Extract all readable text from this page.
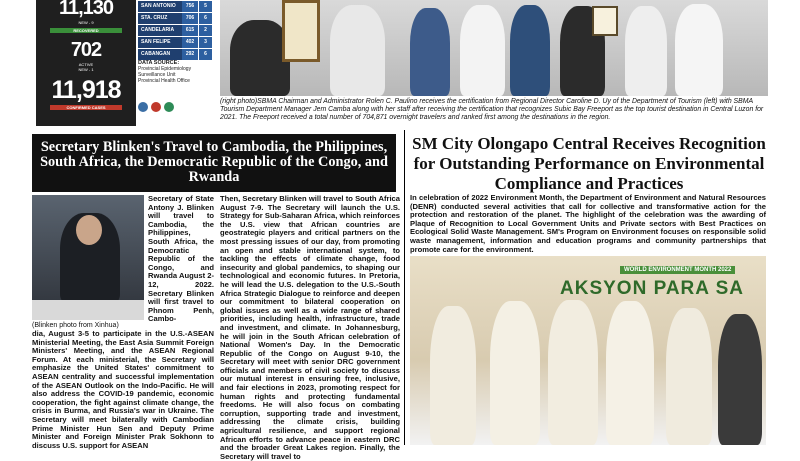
11,130
NEW - 9
RECOVERED
702
ACTIVE
NEW - 1
11,918
CONFIRMED CASES
SAN ANTONIO	756	5
STA. CRUZ	706	6
CANDELARIA	615	2
SAN FELIPE	402	3
CABANGAN	292	6
DATA SOURCE:
Provincial Epidemiology Surveillance Unit
Provincial Health Office
(right photo)SBMA Chairman and Administrator Rolen C. Paulino receives the certification from Regional Director Caroline D. Uy of the Department of Tourism (left) with SBMA Tourism Department Manager Jem Camba along with her staff after receiving the certification that recognizes Subic Bay Freeport as the top tourist destination in Central Luzon for 2021. The Freeport received a total number of 704,871 overnight travelers and ranked first among the destinations in the region.
Secretary Blinken's Travel to Cambodia, the Philippines, South Africa, the Democratic Republic of the Congo, and Rwanda
(Blinken photo from Xinhua)
Secretary of State Antony J. Blinken will travel to Cambodia, the Philippines, South Africa, the Democratic Republic of the Congo, and Rwanda August 2-12, 2022. Secretary Blinken will first travel to Phnom Penh, Cambo-
dia, August 3-5 to participate in the U.S.-ASEAN Ministerial Meeting, the East Asia Summit Foreign Ministers' Meeting, and the ASEAN Regional Forum. At each ministerial, the Secretary will emphasize the United States' commitment to ASEAN centrality and successful implementation of the ASEAN Outlook on the Indo-Pacific. He will also address the COVID-19 pandemic, economic cooperation, the fight against climate change, the crisis in Burma, and Russia's war in Ukraine. The Secretary will meet bilaterally with Cambodian Prime Minister Hun Sen and Deputy Prime Minister and Foreign Minister Prak Sokhonn to discuss U.S. support for ASEAN
Then, Secretary Blinken will travel to South Africa August 7-9. The Secretary will launch the U.S. Strategy for Sub-Saharan Africa, which reinforces the U.S. view that African countries are geostrategic players and critical partners on the most pressing issues of our day, from promoting an open and stable international system, to tackling the effects of climate change, food insecurity and global pandemics, to shaping our technological and economic futures. In Pretoria, he will lead the U.S. delegation to the U.S.-South Africa Strategic Dialogue to reinforce and deepen our commitment to bilateral cooperation on global issues as well as a wide range of shared priorities, including health, infrastructure, trade and investment, and climate. In Johannesburg, he will join in the South African celebration of National Women's Day. In the Democratic Republic of the Congo on August 9-10, the Secretary will meet with senior DRC government officials and members of civil society to discuss our mutual interest in ensuring free, inclusive, and fair elections in 2023, promoting respect for human rights and protecting fundamental freedoms. He will also focus on combating corruption, supporting trade and investment, addressing the climate crisis, building agricultural resilience, and support regional African efforts to advance peace in eastern DRC and the broader Great Lakes region. Finally, the Secretary will travel to
SM City Olongapo Central Receives Recognition for Outstanding Performance on Environmental Compliance and Practices
In celebration of 2022 Environment Month, the Department of Environment and Natural Resources (DENR) conducted several activities that call for collective and transformative action for the protection and restoration of the planet. The highlight of the celebration was the awarding of Plaque of Recognition to Local Government Units and Private sectors with Best Practices on Ecological Solid Waste Management. SM's Program on Environment focuses on responsible solid waste management, information and education programs and community partnerships that promote care for the environment.
WORLD ENVIRONMENT MONTH 2022
AKSYON PARA SA
